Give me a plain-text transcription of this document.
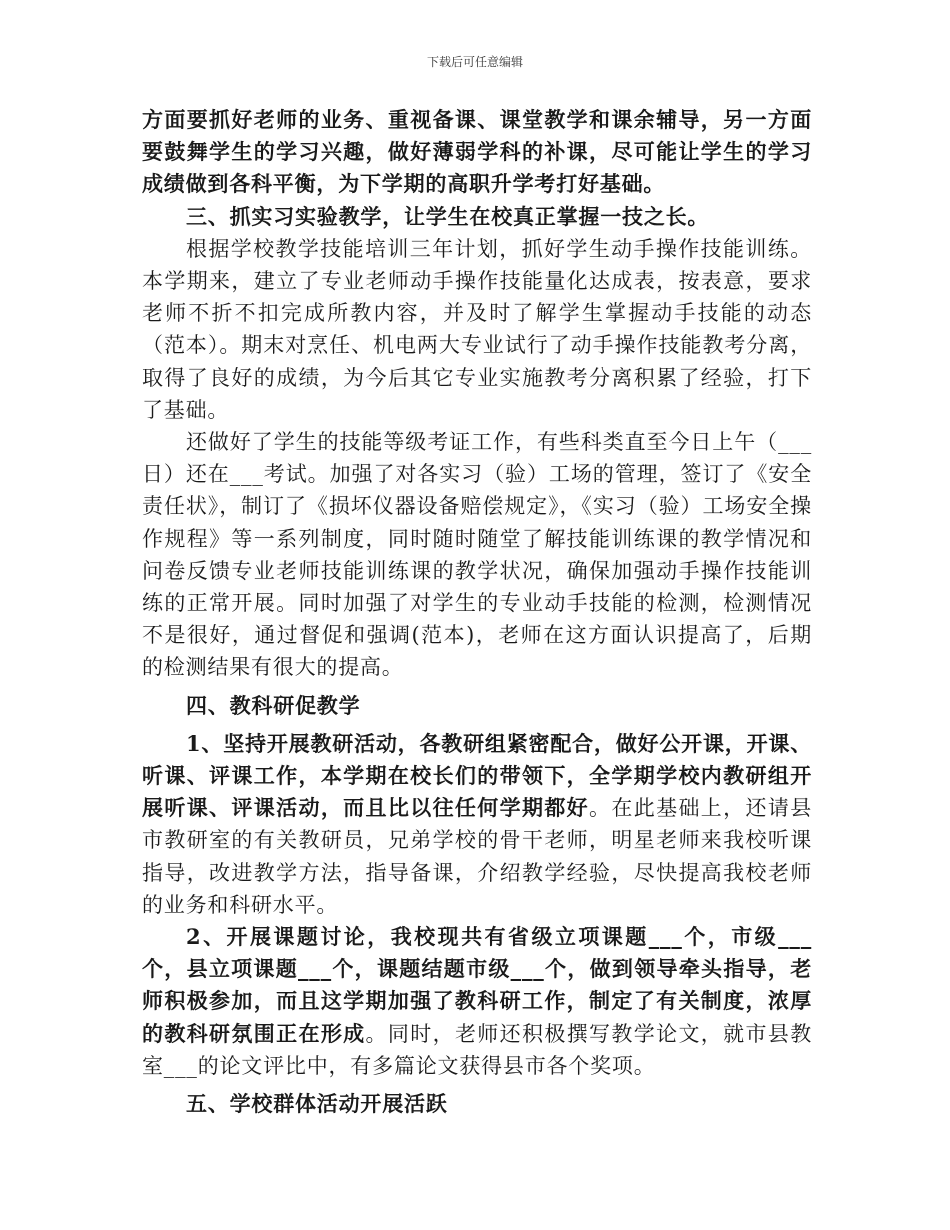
下载后可任意编辑

方面要抓好老师的业务、重视备课、课堂教学和课余辅导，另一方面要鼓舞学生的学习兴趣，做好薄弱学科的补课，尽可能让学生的学习成绩做到各科平衡，为下学期的高职升学考打好基础。

三、抓实习实验教学，让学生在校真正掌握一技之长。

根据学校教学技能培训三年计划，抓好学生动手操作技能训练。本学期来，建立了专业老师动手操作技能量化达成表，按表意，要求老师不折不扣完成所教内容，并及时了解学生掌握动手技能的动态（范本）。期末对烹任、机电两大专业试行了动手操作技能教考分离，取得了良好的成绩，为今后其它专业实施教考分离积累了经验，打下了基础。

还做好了学生的技能等级考证工作，有些科类直至今日上午（___日）还在___考试。加强了对各实习（验）工场的管理，签订了《安全责任状》，制订了《损坏仪器设备赔偿规定》，《实习（验）工场安全操作规程》等一系列制度，同时随时随堂了解技能训练课的教学情况和问卷反馈专业老师技能训练课的教学状况，确保加强动手操作技能训练的正常开展。同时加强了对学生的专业动手技能的检测，检测情况不是很好，通过督促和强调(范本)，老师在这方面认识提高了，后期的检测结果有很大的提高。

四、教科研促教学

1、坚持开展教研活动，各教研组紧密配合，做好公开课，开课、听课、评课工作，本学期在校长们的带领下，全学期学校内教研组开展听课、评课活动，而且比以往任何学期都好。在此基础上，还请县市教研室的有关教研员，兄弟学校的骨干老师，明星老师来我校听课指导，改进教学方法，指导备课，介绍教学经验，尽快提高我校老师的业务和科研水平。

2、开展课题讨论，我校现共有省级立项课题___个，市级___个，县立项课题___个，课题结题市级___个，做到领导牵头指导，老师积极参加，而且这学期加强了教科研工作，制定了有关制度，浓厚的教科研氛围正在形成。同时，老师还积极撰写教学论文，就市县教室___的论文评比中，有多篇论文获得县市各个奖项。

五、学校群体活动开展活跃
